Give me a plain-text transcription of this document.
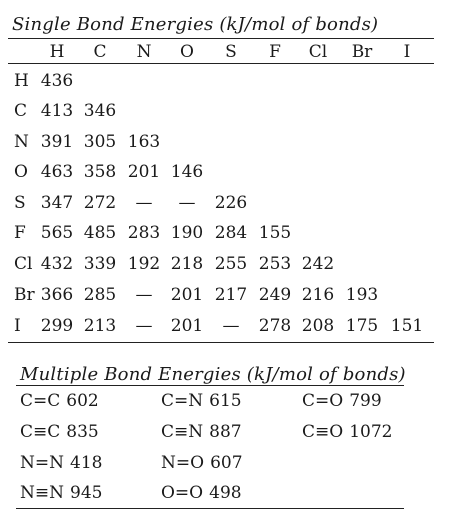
Single Bond Energies (kJ/mol of bonds)
H C N O S F Cl Br I
H 436
C 413 346
N 391 305 163
O 463 358 201 146
S 347 272 — — 226
F 565 485 283 190 284 155
Cl 432 339 192 218 255 253 242
Br 366 285 — 201 217 249 216 193
I 299 213 — 201 — 278 208 175 151
Multiple Bond Energies (kJ/mol of bonds)
C=C 602	C=N 615	C=O 799
C≡C 835	C≡N 887	C≡O 1072
N=N 418	N=O 607
N≡N 945	O=O 498
